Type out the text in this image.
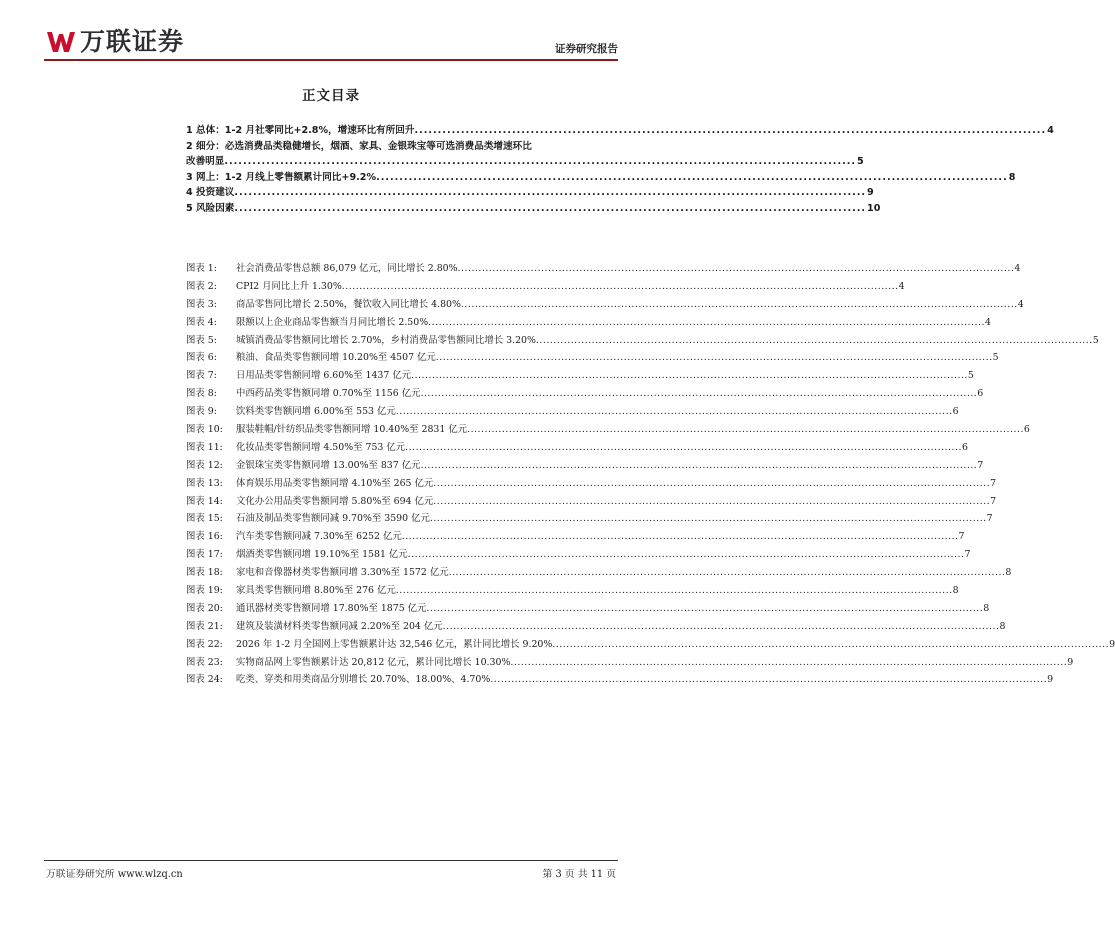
万联证券	证券研究报告
正文目录
1 总体：1-2 月社零同比+2.8%，增速环比有所回升 ........................................................................................................................................ 4
2 细分：必选消费品类稳健增长，烟酒、家具、金银珠宝等可选消费品类增速环比
改善明显 ........................................................................................................................................ 5
3 网上：1-2 月线上零售额累计同比+9.2% ........................................................................................................................................ 8
4 投资建议 ........................................................................................................................................ 9
5 风险因素 ........................................................................................................................................ 10
图表 1:	社会消费品零售总额 86,079 亿元，同比增长 2.80% ................................................................................................................................................................ 4
图表 2:	CPI2 月同比上升 1.30% ................................................................................................................................................................ 4
图表 3:	商品零售同比增长 2.50%，餐饮收入同比增长 4.80% ................................................................................................................................................................ 4
图表 4:	限额以上企业商品零售额当月同比增长 2.50% ................................................................................................................................................................ 4
图表 5:	城镇消费品零售额同比增长 2.70%，乡村消费品零售额同比增长 3.20% ................................................................................................................................................................ 5
图表 6:	粮油、食品类零售额同增 10.20%至 4507 亿元 ................................................................................................................................................................ 5
图表 7:	日用品类零售额同增 6.60%至 1437 亿元 ................................................................................................................................................................ 5
图表 8:	中西药品类零售额同增 0.70%至 1156 亿元 ................................................................................................................................................................ 6
图表 9:	饮料类零售额同增 6.00%至 553 亿元 ................................................................................................................................................................ 6
图表 10:	服装鞋帽/针纺织品类零售额同增 10.40%至 2831 亿元 ................................................................................................................................................................ 6
图表 11:	化妆品类零售额同增 4.50%至 753 亿元 ................................................................................................................................................................ 6
图表 12:	金银珠宝类零售额同增 13.00%至 837 亿元 ................................................................................................................................................................ 7
图表 13:	体育娱乐用品类零售额同增 4.10%至 265 亿元 ................................................................................................................................................................ 7
图表 14:	文化办公用品类零售额同增 5.80%至 694 亿元 ................................................................................................................................................................ 7
图表 15:	石油及制品类零售额同减 9.70%至 3590 亿元 ................................................................................................................................................................ 7
图表 16:	汽车类零售额同减 7.30%至 6252 亿元 ................................................................................................................................................................ 7
图表 17:	烟酒类零售额同增 19.10%至 1581 亿元 ................................................................................................................................................................ 7
图表 18:	家电和音像器材类零售额同增 3.30%至 1572 亿元 ................................................................................................................................................................ 8
图表 19:	家具类零售额同增 8.80%至 276 亿元 ................................................................................................................................................................ 8
图表 20:	通讯器材类零售额同增 17.80%至 1875 亿元 ................................................................................................................................................................ 8
图表 21:	建筑及装潢材料类零售额同减 2.20%至 204 亿元 ................................................................................................................................................................ 8
图表 22:	2026 年 1-2 月全国网上零售额累计达 32,546 亿元，累计同比增长 9.20% ................................................................................................................................................................ 9
图表 23:	实物商品网上零售额累计达 20,812 亿元，累计同比增长 10.30% ................................................................................................................................................................ 9
图表 24:	吃类、穿类和用类商品分别增长 20.70%、18.00%、4.70% ................................................................................................................................................................ 9
万联证券研究所 www.wlzq.cn	第 3 页 共 11 页
